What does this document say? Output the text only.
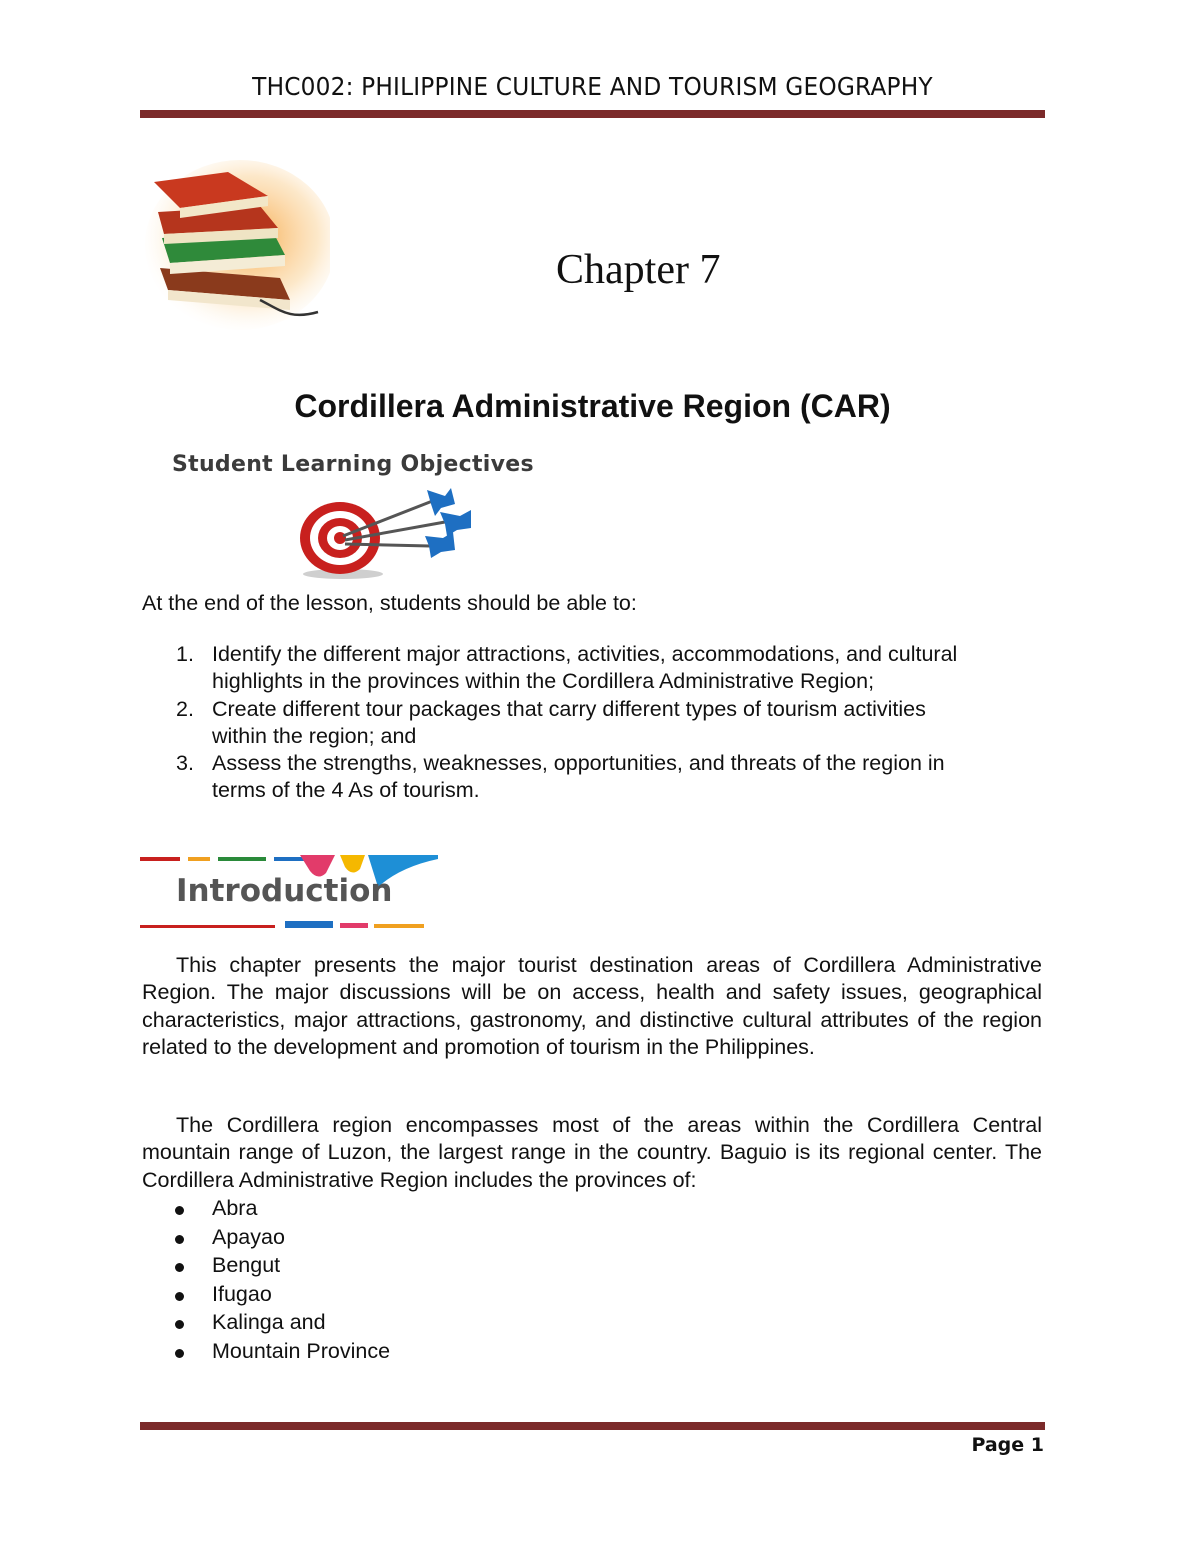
THC002: PHILIPPINE CULTURE AND TOURISM GEOGRAPHY
Chapter 7
Cordillera Administrative Region (CAR)
Student Learning Objectives
At the end of the lesson, students should be able to:
1. Identify the different major attractions, activities, accommodations, and cultural
highlights in the provinces within the Cordillera Administrative Region;
2. Create different tour packages that carry different types of tourism activities
within the region; and
3. Assess the strengths, weaknesses, opportunities, and threats of the region in
terms of the 4 As of tourism.
Introduction
This chapter presents the major tourist destination areas of Cordillera Administrative Region. The major discussions will be on access, health and safety issues, geographical characteristics, major attractions, gastronomy, and distinctive cultural attributes of the region related to the development and promotion of tourism in the Philippines.
The Cordillera region encompasses most of the areas within the Cordillera Central mountain range of Luzon, the largest range in the country. Baguio is its regional center. The Cordillera Administrative Region includes the provinces of:
Abra
Apayao
Bengut
Ifugao
Kalinga and
Mountain Province
Page 1
